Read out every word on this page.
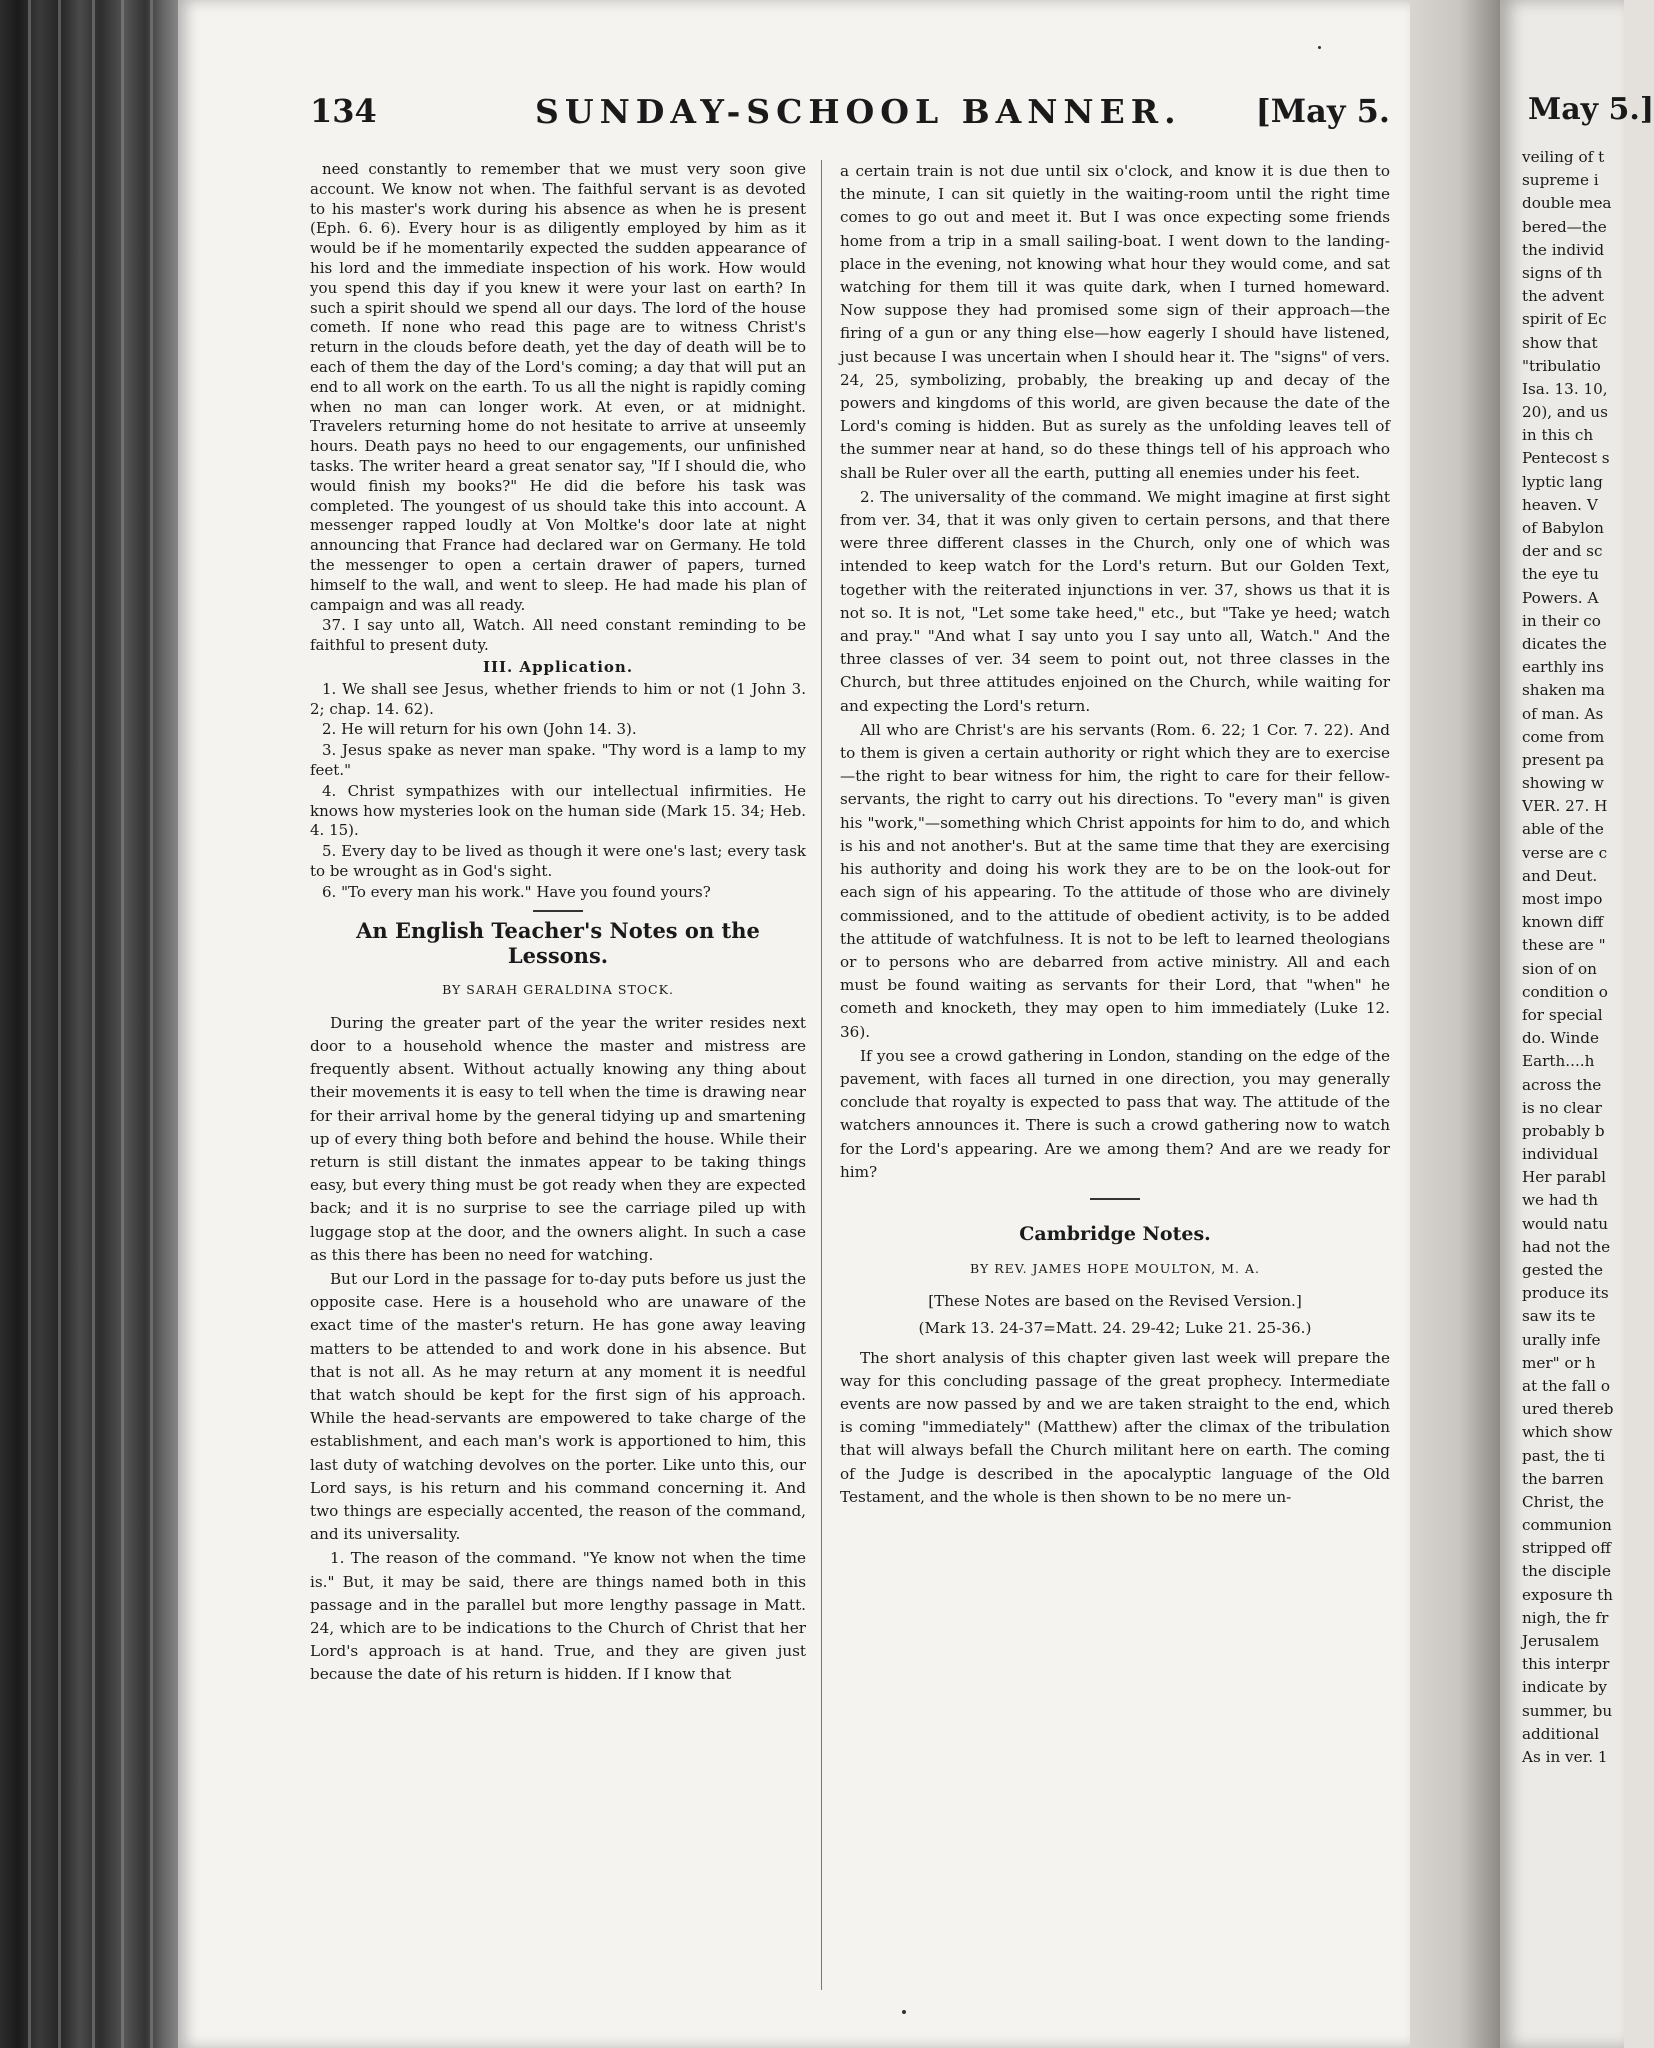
134	SUNDAY-SCHOOL BANNER. [May 5.

need constantly to remember that we must very soon give account. We know not when. The faithful servant is as devoted to his master's work during his absence as when he is present (Eph. 6. 6). Every hour is as diligently employed by him as it would be if he momentarily expected the sudden appearance of his lord and the immediate inspection of his work. How would you spend this day if you knew it were your last on earth? In such a spirit should we spend all our days. The lord of the house cometh. If none who read this page are to witness Christ's return in the clouds before death, yet the day of death will be to each of them the day of the Lord's coming; a day that will put an end to all work on the earth. To us all the night is rapidly coming when no man can longer work. At even, or at midnight. Travelers returning home do not hesitate to arrive at unseemly hours. Death pays no heed to our engagements, our unfinished tasks. The writer heard a great senator say, "If I should die, who would finish my books?" He did die before his task was completed. The youngest of us should take this into account. A messenger rapped loudly at Von Moltke's door late at night announcing that France had declared war on Germany. He told the messenger to open a certain drawer of papers, turned himself to the wall, and went to sleep. He had made his plan of campaign and was all ready.

37. I say unto all, Watch. All need constant reminding to be faithful to present duty.

III. Application.

1. We shall see Jesus, whether friends to him or not (1 John 3. 2; chap. 14. 62).

2. He will return for his own (John 14. 3).

3. Jesus spake as never man spake. "Thy word is a lamp to my feet."

4. Christ sympathizes with our intellectual infirmities. He knows how mysteries look on the human side (Mark 15. 34; Heb. 4. 15).

5. Every day to be lived as though it were one's last; every task to be wrought as in God's sight.

6. "To every man his work." Have you found yours?

An English Teacher's Notes on the Lessons.
BY SARAH GERALDINA STOCK.

During the greater part of the year the writer resides next door to a household whence the master and mistress are frequently absent. Without actually knowing any thing about their movements it is easy to tell when the time is drawing near for their arrival home by the general tidying up and smartening up of every thing both before and behind the house. While their return is still distant the inmates appear to be taking things easy, but every thing must be got ready when they are expected back; and it is no surprise to see the carriage piled up with luggage stop at the door, and the owners alight. In such a case as this there has been no need for watching.

But our Lord in the passage for to-day puts before us just the opposite case. Here is a household who are unaware of the exact time of the master's return. He has gone away leaving matters to be attended to and work done in his absence. But that is not all. As he may return at any moment it is needful that watch should be kept for the first sign of his approach. While the head-servants are empowered to take charge of the establishment, and each man's work is apportioned to him, this last duty of watching devolves on the porter. Like unto this, our Lord says, is his return and his command concerning it. And two things are especially accented, the reason of the command, and its universality.

1. The reason of the command. "Ye know not when the time is." But, it may be said, there are things named both in this passage and in the parallel but more lengthy passage in Matt. 24, which are to be indications to the Church of Christ that her Lord's approach is at hand. True, and they are given just because the date of his return is hidden. If I know that

a certain train is not due until six o'clock, and know it is due then to the minute, I can sit quietly in the waiting-room until the right time comes to go out and meet it. But I was once expecting some friends home from a trip in a small sailing-boat. I went down to the landing-place in the evening, not knowing what hour they would come, and sat watching for them till it was quite dark, when I turned homeward. Now suppose they had promised some sign of their approach—the firing of a gun or any thing else—how eagerly I should have listened, just because I was uncertain when I should hear it. The "signs" of vers. 24, 25, symbolizing, probably, the breaking up and decay of the powers and kingdoms of this world, are given because the date of the Lord's coming is hidden. But as surely as the unfolding leaves tell of the summer near at hand, so do these things tell of his approach who shall be Ruler over all the earth, putting all enemies under his feet.

2. The universality of the command. We might imagine at first sight from ver. 34, that it was only given to certain persons, and that there were three different classes in the Church, only one of which was intended to keep watch for the Lord's return. But our Golden Text, together with the reiterated injunctions in ver. 37, shows us that it is not so. It is not, "Let some take heed," etc., but "Take ye heed; watch and pray." "And what I say unto you I say unto all, Watch." And the three classes of ver. 34 seem to point out, not three classes in the Church, but three attitudes enjoined on the Church, while waiting for and expecting the Lord's return.

All who are Christ's are his servants (Rom. 6. 22; 1 Cor. 7. 22). And to them is given a certain authority or right which they are to exercise—the right to bear witness for him, the right to care for their fellow-servants, the right to carry out his directions. To "every man" is given his "work,"—something which Christ appoints for him to do, and which is his and not another's. But at the same time that they are exercising his authority and doing his work they are to be on the look-out for each sign of his appearing. To the attitude of those who are divinely commissioned, and to the attitude of obedient activity, is to be added the attitude of watchfulness. It is not to be left to learned theologians or to persons who are debarred from active ministry. All and each must be found waiting as servants for their Lord, that "when" he cometh and knocketh, they may open to him immediately (Luke 12. 36).

If you see a crowd gathering in London, standing on the edge of the pavement, with faces all turned in one direction, you may generally conclude that royalty is expected to pass that way. The attitude of the watchers announces it. There is such a crowd gathering now to watch for the Lord's appearing. Are we among them? And are we ready for him?

Cambridge Notes.
BY REV. JAMES HOPE MOULTON, M. A.
[These Notes are based on the Revised Version.]
(Mark 13. 24-37=Matt. 24. 29-42; Luke 21. 25-36.)

The short analysis of this chapter given last week will prepare the way for this concluding passage of the great prophecy. Intermediate events are now passed by and we are taken straight to the end, which is coming "immediately" (Matthew) after the climax of the tribulation that will always befall the Church militant here on earth. The coming of the Judge is described in the apocalyptic language of the Old Testament, and the whole is then shown to be no mere un-

May 5.]
veiling of t
supreme i
double mea
bered—the
the individ
signs of th
the advent
spirit of Ec
show that
"tribulatio
Isa. 13. 10,
20), and us
in this ch
Pentecost s
lyptic lang
heaven. V
of Babylon
der and sc
the eye tu
Powers. A
in their co
dicates the
earthly ins
shaken ma
of man. As
come from
present pa
showing w
VER. 27. H
able of the
verse are c
and Deut.
most impo
known diff
these are "
sion of on
condition o
for special
do. Winde
Earth....h
across the
is no clear
probably b
individual
Her parabl
we had th
would natu
had not the
gested the
produce its
saw its te
urally infe
mer" or h
at the fall o
ured thereb
which show
past, the ti
the barren
Christ, the
communion
stripped off
the disciple
exposure th
nigh, the fr
Jerusalem
this interpr
indicate by
summer, bu
additional
As in ver. 1
